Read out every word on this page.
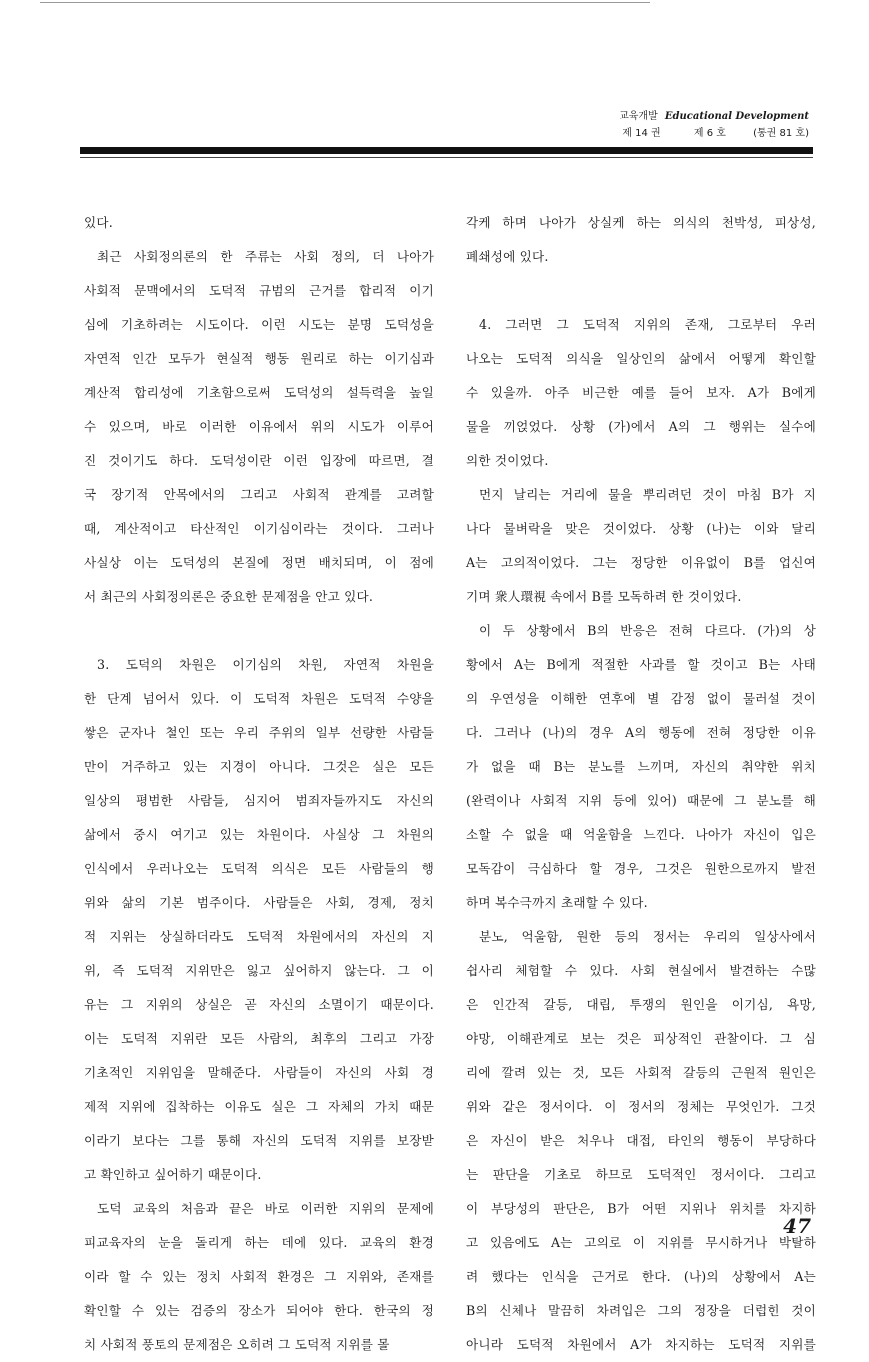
교육개발 Educational Development
제 14 권	제 6 호	(통권 81 호)

있다.

최근 사회정의론의 한 주류는 사회 정의, 더 나아가

사회적 문맥에서의 도덕적 규범의 근거를 합리적 이기

심에 기초하려는 시도이다. 이런 시도는 분명 도덕성을

자연적 인간 모두가 현실적 행동 원리로 하는 이기심과

계산적 합리성에 기초함으로써 도덕성의 설득력을 높일

수 있으며, 바로 이러한 이유에서 위의 시도가 이루어

진 것이기도 하다. 도덕성이란 이런 입장에 따르면, 결

국 장기적 안목에서의 그리고 사회적 관계를 고려할

때, 계산적이고 타산적인 이기심이라는 것이다. 그러나

사실상 이는 도덕성의 본질에 정면 배치되며, 이 점에

서 최근의 사회정의론은 중요한 문제점을 안고 있다.

3. 도덕의 차원은 이기심의 차원, 자연적 차원을

한 단계 넘어서 있다. 이 도덕적 차원은 도덕적 수양을

쌓은 군자나 철인 또는 우리 주위의 일부 선량한 사람들

만이 거주하고 있는 지경이 아니다. 그것은 실은 모든

일상의 평범한 사람들, 심지어 범죄자들까지도 자신의

삶에서 중시 여기고 있는 차원이다. 사실상 그 차원의

인식에서 우러나오는 도덕적 의식은 모든 사람들의 행

위와 삶의 기본 범주이다. 사람들은 사회, 경제, 정치

적 지위는 상실하더라도 도덕적 차원에서의 자신의 지

위, 즉 도덕적 지위만은 잃고 싶어하지 않는다. 그 이

유는 그 지위의 상실은 곧 자신의 소멸이기 때문이다.

이는 도덕적 지위란 모든 사람의, 최후의 그리고 가장

기초적인 지위임을 말해준다. 사람들이 자신의 사회 경

제적 지위에 집착하는 이유도 실은 그 자체의 가치 때문

이라기 보다는 그를 통해 자신의 도덕적 지위를 보장받

고 확인하고 싶어하기 때문이다.

도덕 교육의 처음과 끝은 바로 이러한 지위의 문제에

피교육자의 눈을 돌리게 하는 데에 있다. 교육의 환경

이라 할 수 있는 정치 사회적 환경은 그 지위와, 존재를

확인할 수 있는 검증의 장소가 되어야 한다. 한국의 정

치 사회적 풍토의 문제점은 오히려 그 도덕적 지위를 몰

각케 하며 나아가 상실케 하는 의식의 천박성, 피상성,

폐쇄성에 있다.

4. 그러면 그 도덕적 지위의 존재, 그로부터 우러

나오는 도덕적 의식을 일상인의 삶에서 어떻게 확인할

수 있을까. 아주 비근한 예를 들어 보자. A가 B에게

물을 끼얹었다. 상황 (가)에서 A의 그 행위는 실수에

의한 것이었다.

먼지 날리는 거리에 물을 뿌리려던 것이 마침 B가 지

나다 물벼락을 맞은 것이었다. 상황 (나)는 이와 달리

A는 고의적이었다. 그는 정당한 이유없이 B를 업신여

기며 衆人環視 속에서 B를 모독하려 한 것이었다.

이 두 상황에서 B의 반응은 전혀 다르다. (가)의 상

황에서 A는 B에게 적절한 사과를 할 것이고 B는 사태

의 우연성을 이해한 연후에 별 감정 없이 물러설 것이

다. 그러나 (나)의 경우 A의 행동에 전혀 정당한 이유

가 없을 때 B는 분노를 느끼며, 자신의 취약한 위치

(완력이나 사회적 지위 등에 있어) 때문에 그 분노를 해

소할 수 없을 때 억울함을 느낀다. 나아가 자신이 입은

모독감이 극심하다 할 경우, 그것은 원한으로까지 발전

하며 복수극까지 초래할 수 있다.

분노, 억울함, 원한 등의 정서는 우리의 일상사에서

쉽사리 체험할 수 있다. 사회 현실에서 발견하는 수많

은 인간적 갈등, 대립, 투쟁의 원인을 이기심, 욕망,

야망, 이해관계로 보는 것은 피상적인 관찰이다. 그 심

리에 깔려 있는 것, 모든 사회적 갈등의 근원적 원인은

위와 같은 정서이다. 이 정서의 정체는 무엇인가. 그것

은 자신이 받은 처우나 대접, 타인의 행동이 부당하다

는 판단을 기초로 하므로 도덕적인 정서이다. 그리고

이 부당성의 판단은, B가 어떤 지위나 위치를 차지하

고 있음에도 A는 고의로 이 지위를 무시하거나 박탈하

려 했다는 인식을 근거로 한다. (나)의 상황에서 A는

B의 신체나 말끔히 차려입은 그의 정장을 더럽힌 것이

아니라 도덕적 차원에서 A가 차지하는 도덕적 지위를

47
